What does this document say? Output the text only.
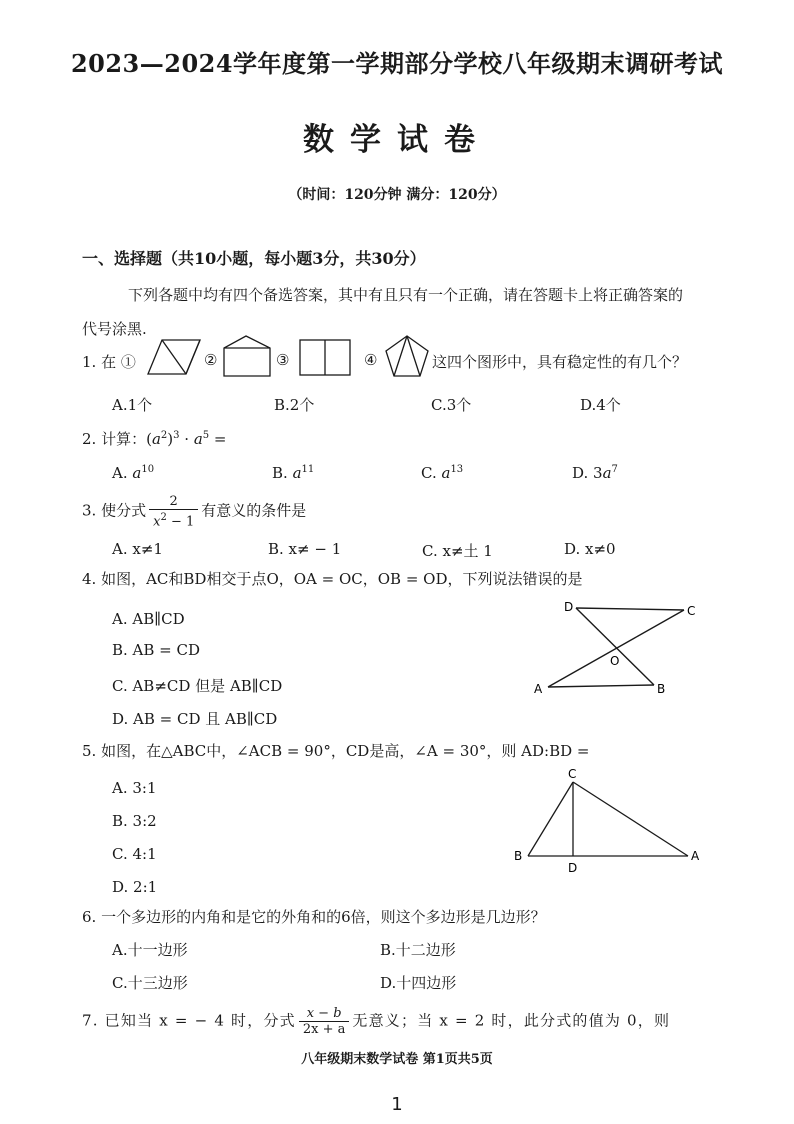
2023—2024学年度第一学期部分学校八年级期末调研考试
数学试卷
（时间：120分钟 满分：120分）
一、选择题（共10小题，每小题3分，共30分）
下列各题中均有四个备选答案，其中有且只有一个正确，请在答题卡上将正确答案的
代号涂黑.
1. 在 ①	②	③	④	这四个图形中，具有稳定性的有几个？
A.1个	B.2个	C.3个	D.4个
2. 计算：$(a^2)^3 \cdot a^5$ =
A. $a^{10}$	B. $a^{11}$	C. $a^{13}$	D. $3a^7$
3. 使分式 $\frac{2}{x^2 - 1}$ 有意义的条件是
A. x≠1	B. x≠ − 1	C. x≠土 1	D. x≠0
4. 如图，AC和BD相交于点O，OA = OC，OB = OD，下列说法错误的是
A. AB∥CD
B. AB = CD
C. AB≠CD 但是 AB∥CD
D. AB = CD 且 AB∥CD
D	C
O
A	B
5. 如图，在△ABC中，∠ACB = 90°，CD是高，∠A = 30°，则 AD:BD =
A. 3:1
B. 3:2
C. 4:1
D. 2:1
C
B
D
A
6. 一个多边形的内角和是它的外角和的6倍，则这个多边形是几边形？
A.十一边形	B.十二边形
C.十三边形	D.十四边形
7. 已知当 x = − 4 时，分式 $\frac{x - b}{2x + a}$ 无意义；当 x = 2 时，此分式的值为 0，则
八年级期末数学试卷 第1页共5页
1
